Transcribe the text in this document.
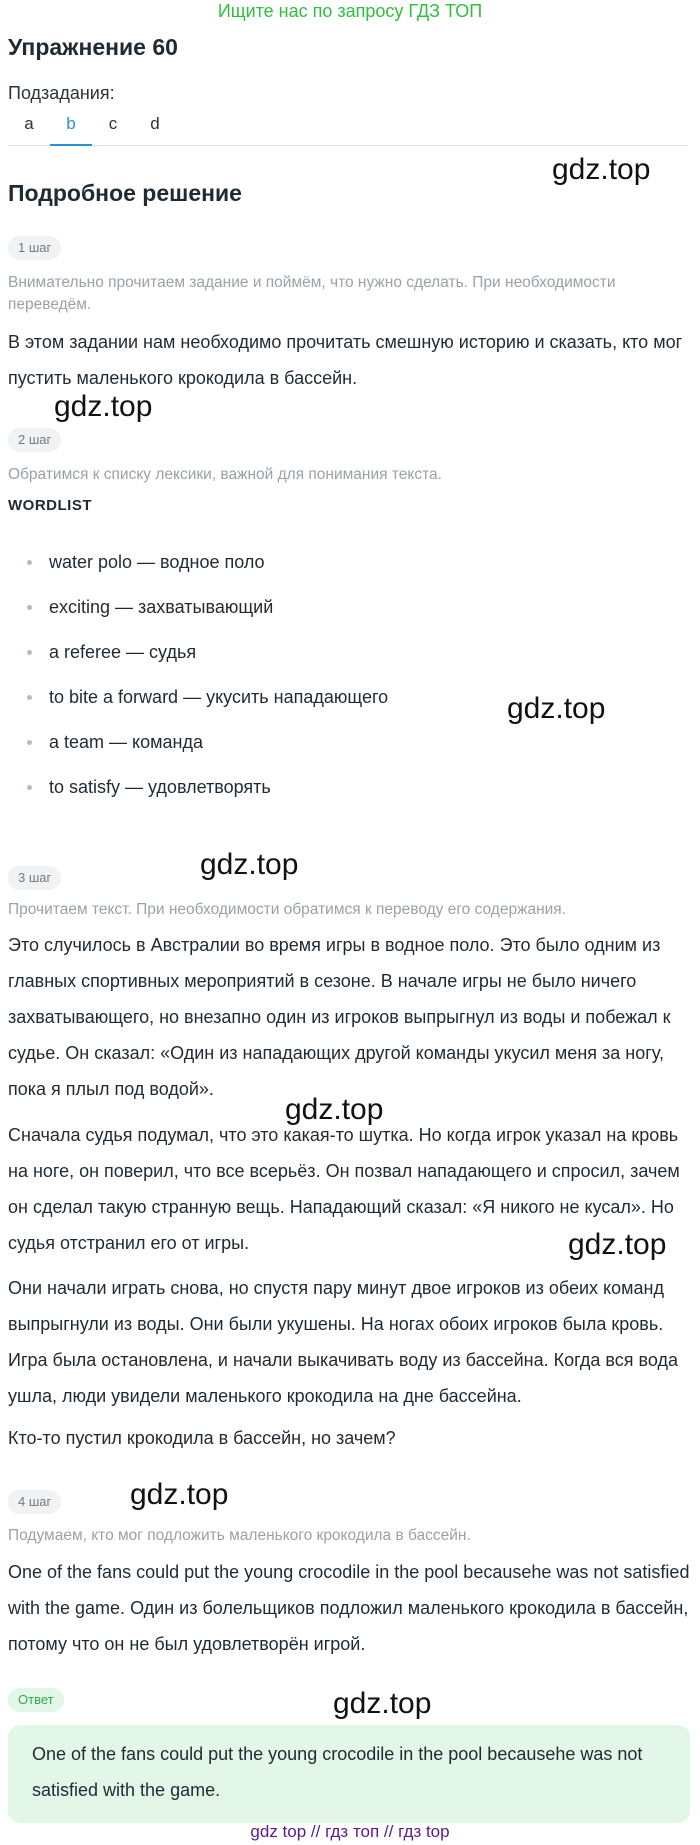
Ищите нас по запросу ГДЗ ТОП
Упражнение 60
Подзадания:
a	b	c	d
Подробное решение
gdz.top
gdz.top
gdz.top
gdz.top
gdz.top
gdz.top
gdz.top
gdz.top
1 шаг
Внимательно прочитаем задание и поймём, что нужно сделать. При необходимости переведём.
В этом задании нам необходимо прочитать смешную историю и сказать, кто мог пустить маленького крокодила в бассейн.
2 шаг
Обратимся к списку лексики, важной для понимания текста.
WORDLIST
water polo — водное поло
exciting — захватывающий
a referee — судья
to bite a forward — укусить нападающего
a team — команда
to satisfy — удовлетворять
3 шаг
Прочитаем текст. При необходимости обратимся к переводу его содержания.
Это случилось в Австралии во время игры в водное поло. Это было одним из главных спортивных мероприятий в сезоне. В начале игры не было ничего захватывающего, но внезапно один из игроков выпрыгнул из воды и побежал к судье. Он сказал: «Один из нападающих другой команды укусил меня за ногу, пока я плыл под водой».
Сначала судья подумал, что это какая-то шутка. Но когда игрок указал на кровь на ноге, он поверил, что все всерьёз. Он позвал нападающего и спросил, зачем он сделал такую странную вещь. Нападающий сказал: «Я никого не кусал». Но судья отстранил его от игры.
Они начали играть снова, но спустя пару минут двое игроков из обеих команд выпрыгнули из воды. Они были укушены. На ногах обоих игроков была кровь. Игра была остановлена, и начали выкачивать воду из бассейна. Когда вся вода ушла, люди увидели маленького крокодила на дне бассейна.
Кто-то пустил крокодила в бассейн, но зачем?
4 шаг
Подумаем, кто мог подложить маленького крокодила в бассейн.
One of the fans could put the young crocodile in the pool becausehe was not satisfied with the game. Один из болельщиков подложил маленького крокодила в бассейн, потому что он не был удовлетворён игрой.
Ответ
One of the fans could put the young crocodile in the pool becausehe was not satisfied with the game.
gdz top // гдз топ // гдз top
